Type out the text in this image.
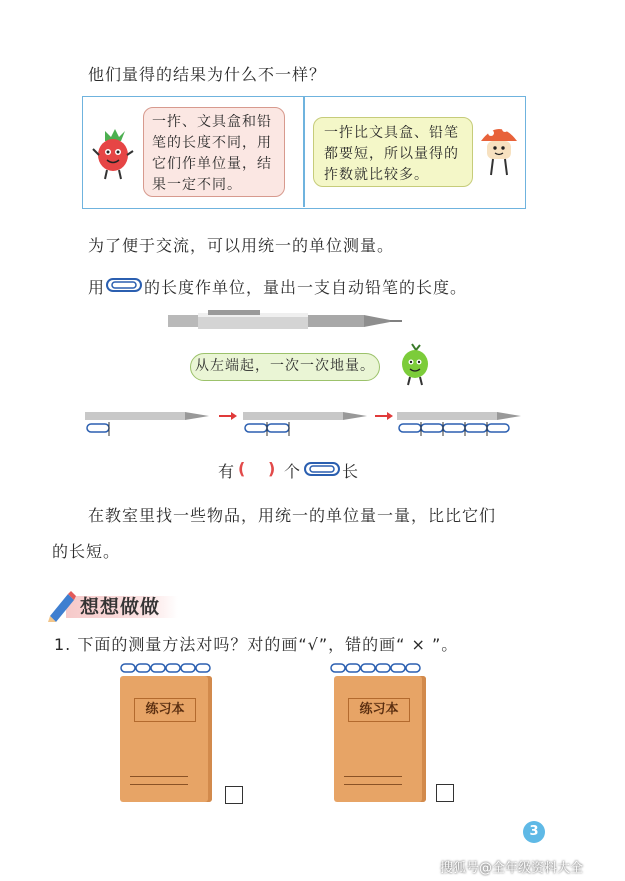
他们量得的结果为什么不一样？
一拃、文具盒和铅
笔的长度不同，用
它们作单位量，结
果一定不同。
一拃比文具盒、铅笔
都要短，所以量得的
拃数就比较多。
为了便于交流，可以用统一的单位测量。
用 的长度作单位，量出一支自动铅笔的长度。
从左端起，一次一次地量。
有 ( ) 个	长
在教室里找一些物品，用统一的单位量一量，比比它们
的长短。
想想做做
1. 下面的测量方法对吗？对的画“√”，错的画“ × ”。
练习本	练习本
3
搜狐号@全年级资料大全
